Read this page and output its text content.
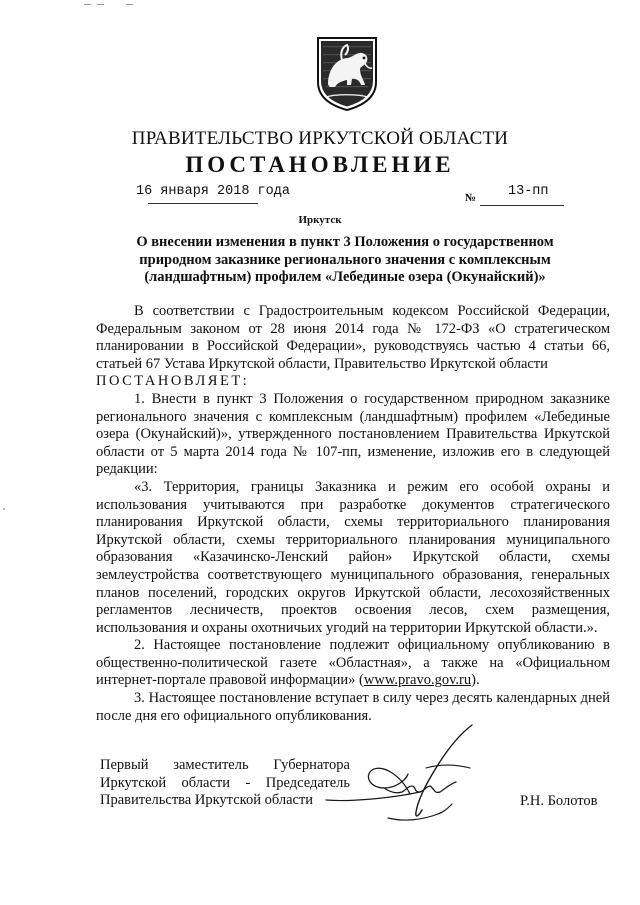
ПРАВИТЕЛЬСТВО ИРКУТСКОЙ ОБЛАСТИ
ПОСТАНОВЛЕНИЕ
16 января 2018 года	№ 13-пп
Иркутск
О внесении изменения в пункт 3 Положения о государственном природном заказнике регионального значения с комплексным (ландшафтным) профилем «Лебединые озера (Окунайский)»

В соответствии с Градостроительным кодексом Российской Федерации, Федеральным законом от 28 июня 2014 года № 172-ФЗ «О стратегическом планировании в Российской Федерации», руководствуясь частью 4 статьи 66, статьей 67 Устава Иркутской области, Правительство Иркутской области

ПОСТАНОВЛЯЕТ:

1. Внести в пункт 3 Положения о государственном природном заказнике регионального значения с комплексным (ландшафтным) профилем «Лебединые озера (Окунайский)», утвержденного постановлением Правительства Иркутской области от 5 марта 2014 года № 107-пп, изменение, изложив его в следующей редакции:

«3. Территория, границы Заказника и режим его особой охраны и использования учитываются при разработке документов стратегического планирования Иркутской области, схемы территориального планирования Иркутской области, схемы территориального планирования муниципального образования «Казачинско-Ленский район» Иркутской области, схемы землеустройства соответствующего муниципального образования, генеральных планов поселений, городских округов Иркутской области, лесохозяйственных регламентов лесничеств, проектов освоения лесов, схем размещения, использования и охраны охотничьих угодий на территории Иркутской области.».

2. Настоящее постановление подлежит официальному опубликованию в общественно-политической газете «Областная», а также на «Официальном интернет-портале правовой информации» (www.pravo.gov.ru).

3. Настоящее постановление вступает в силу через десять календарных дней после дня его официального опубликования.

Первый заместитель Губернатора
Иркутской области - Председатель
Правительства Иркутской области	Р.Н. Болотов
